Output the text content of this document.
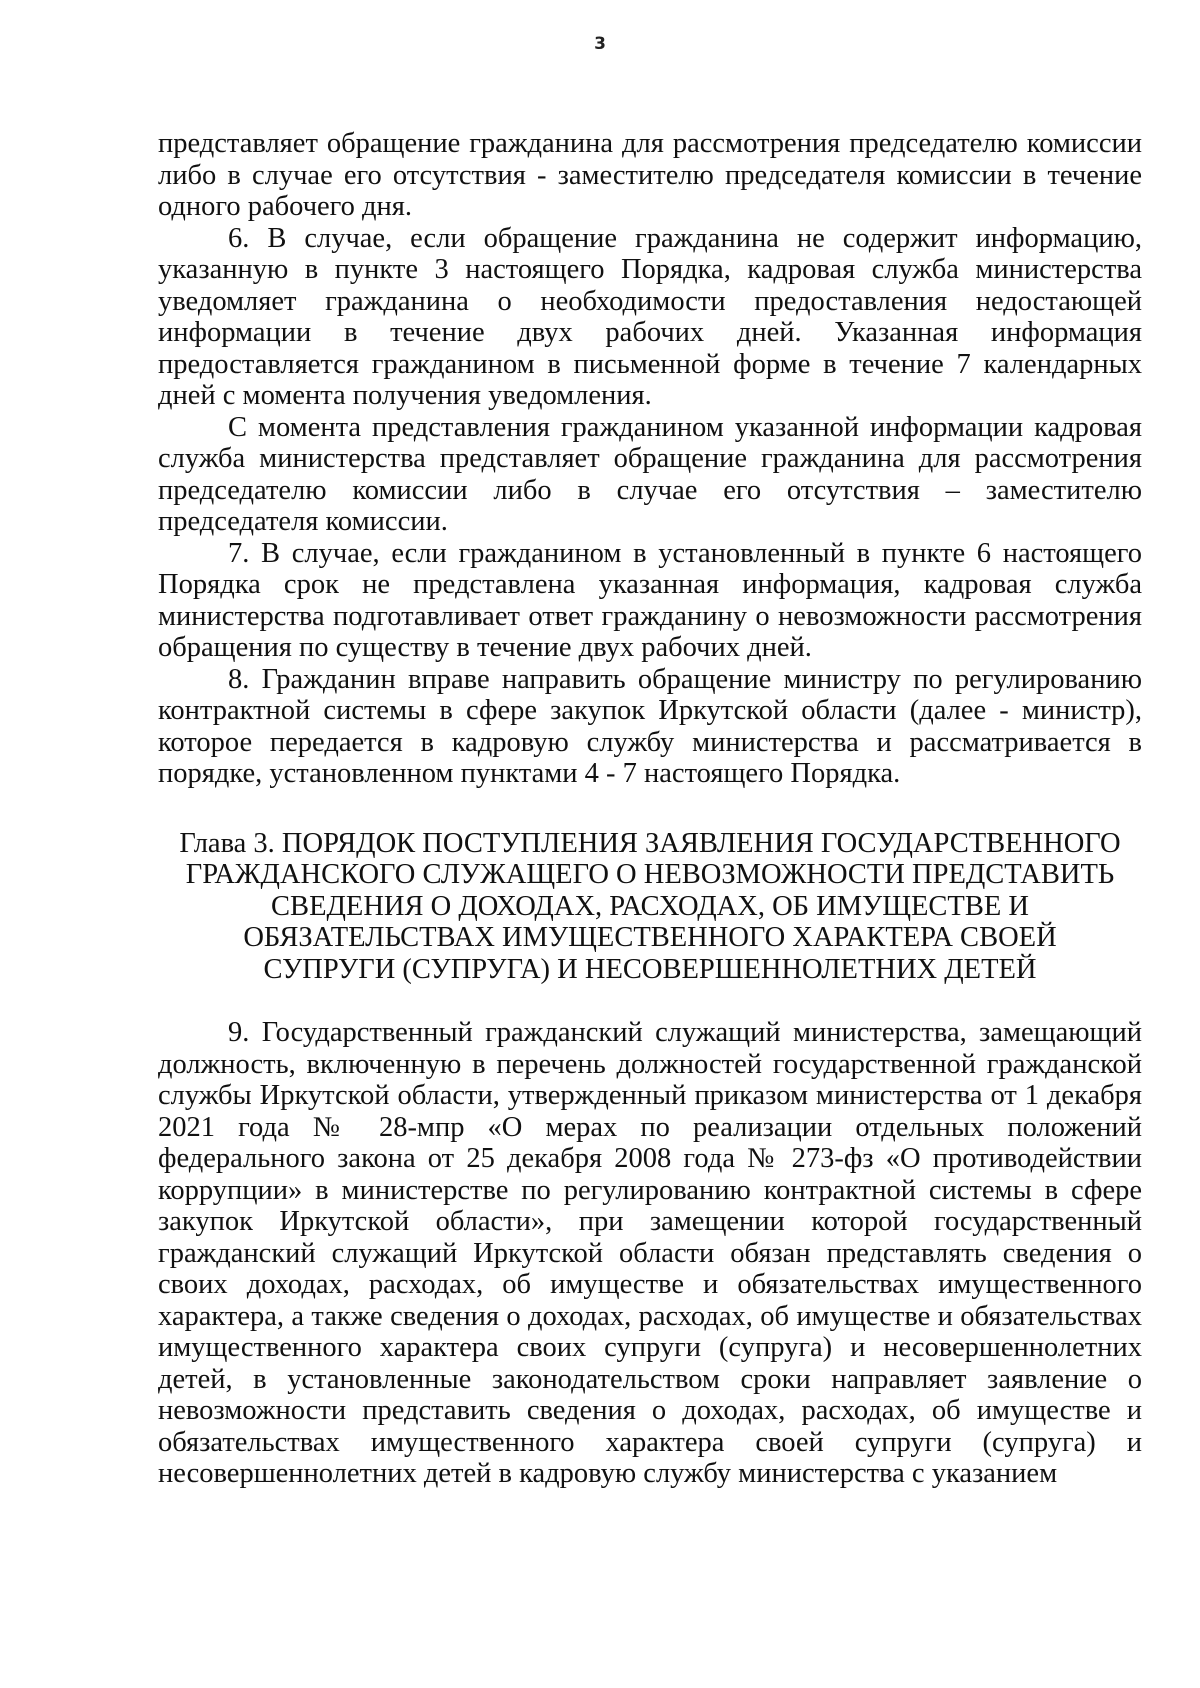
3

представляет обращение гражданина для рассмотрения председателю комиссии либо в случае его отсутствия - заместителю председателя комиссии в течение одного рабочего дня.

6. В случае, если обращение гражданина не содержит информацию, указанную в пункте 3 настоящего Порядка, кадровая служба министерства уведомляет гражданина о необходимости предоставления недостающей информации в течение двух рабочих дней. Указанная информация предоставляется гражданином в письменной форме в течение 7 календарных дней с момента получения уведомления.

С момента представления гражданином указанной информации кадровая служба министерства представляет обращение гражданина для рассмотрения председателю комиссии либо в случае его отсутствия – заместителю председателя комиссии.

7. В случае, если гражданином в установленный в пункте 6 настоящего Порядка срок не представлена указанная информация, кадровая служба министерства подготавливает ответ гражданину о невозможности рассмотрения обращения по существу в течение двух рабочих дней.

8. Гражданин вправе направить обращение министру по регулированию контрактной системы в сфере закупок Иркутской области (далее - министр), которое передается в кадровую службу министерства и рассматривается в порядке, установленном пунктами 4 - 7 настоящего Порядка.

Глава 3. ПОРЯДОК ПОСТУПЛЕНИЯ ЗАЯВЛЕНИЯ ГОСУДАРСТВЕННОГО ГРАЖДАНСКОГО СЛУЖАЩЕГО О НЕВОЗМОЖНОСТИ ПРЕДСТАВИТЬ СВЕДЕНИЯ О ДОХОДАХ, РАСХОДАХ, ОБ ИМУЩЕСТВЕ И ОБЯЗАТЕЛЬСТВАХ ИМУЩЕСТВЕННОГО ХАРАКТЕРА СВОЕЙ СУПРУГИ (СУПРУГА) И НЕСОВЕРШЕННОЛЕТНИХ ДЕТЕЙ

9. Государственный гражданский служащий министерства, замещающий должность, включенную в перечень должностей государственной гражданской службы Иркутской области, утвержденный приказом министерства от 1 декабря 2021 года № 28-мпр «О мерах по реализации отдельных положений федерального закона от 25 декабря 2008 года № 273-фз «О противодействии коррупции» в министерстве по регулированию контрактной системы в сфере закупок Иркутской области», при замещении которой государственный гражданский служащий Иркутской области обязан представлять сведения о своих доходах, расходах, об имуществе и обязательствах имущественного характера, а также сведения о доходах, расходах, об имуществе и обязательствах имущественного характера своих супруги (супруга) и несовершеннолетних детей, в установленные законодательством сроки направляет заявление о невозможности представить сведения о доходах, расходах, об имуществе и обязательствах имущественного характера своей супруги (супруга) и несовершеннолетних детей в кадровую службу министерства с указанием
